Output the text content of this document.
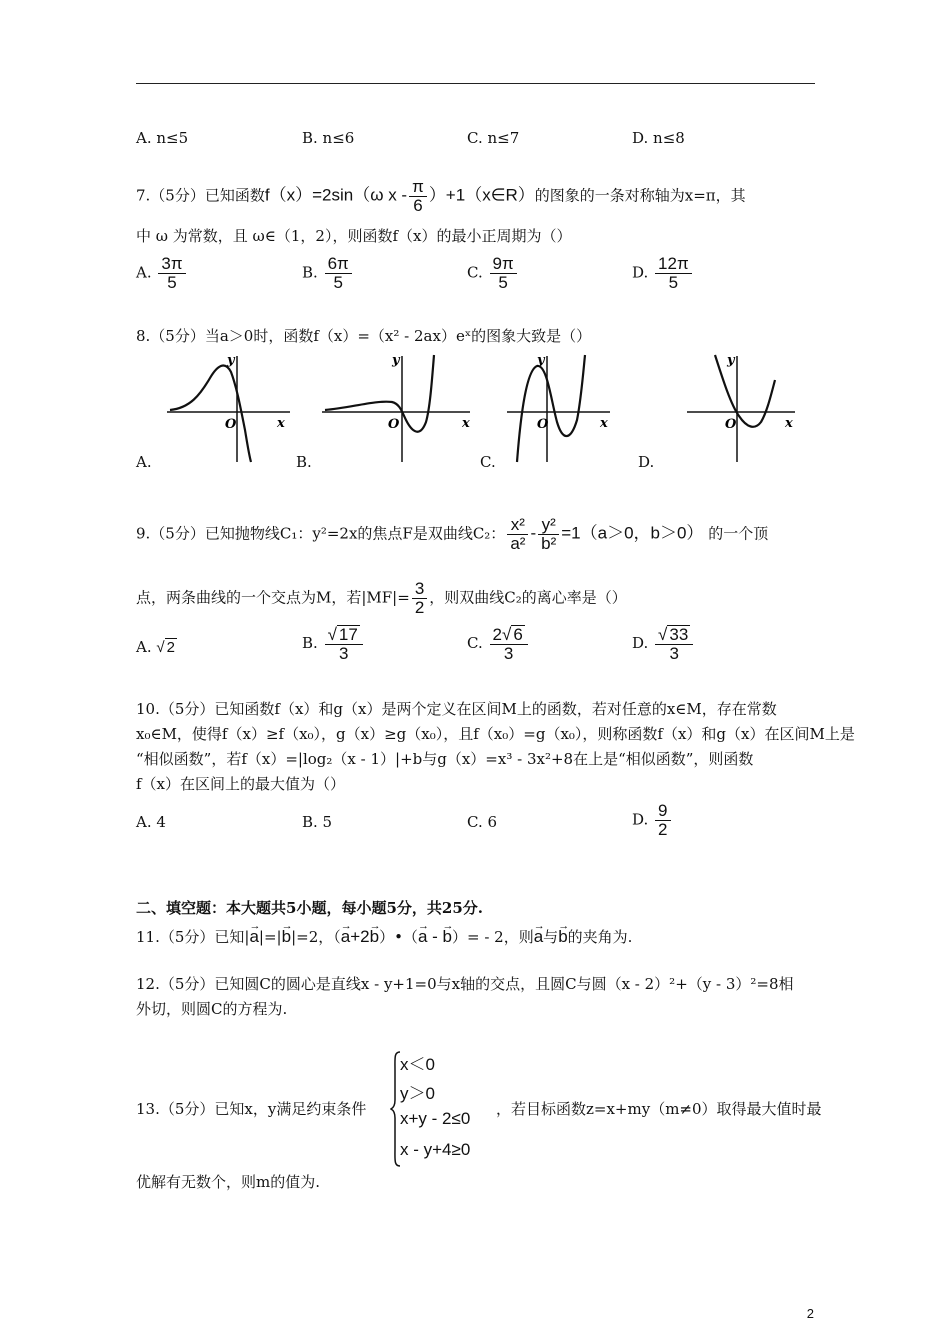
A. n≤5	B. n≤6	C. n≤7	D. n≤8
7.（5分）已知函数f（x）=2sin（ω x - $\frac{\pi}{6}$ ）+1（x∈R）的图象的一条对称轴为x=π，其
中 ω 为常数，且 ω∈（1，2），则函数f（x）的最小正周期为（）
A. $\frac{3\pi}{5}$	B. $\frac{6\pi}{5}$	C. $\frac{9\pi}{5}$	D. $\frac{12\pi}{5}$
8.（5分）当a＞0时，函数f（x）=（x² - 2ax）eˣ的图象大致是（）
y
x
O
y
x
O
y
x
O
y
x
O
A.	B.	C.	D.
9.（5分）已知抛物线C₁：y²=2x的焦点F是双曲线C₂： $\frac{\text{x²}}{\text{a²}} - \frac{\text{y²}}{\text{b²}} =1(a>0$，b＞0） 的一个顶
点，两条曲线的一个交点为M，若$|MF|= \frac{3}{2}$ ，则双曲线C₂的离心率是（）
A. √ 2	B. $\frac{√ 17}{3}$	C. $\frac{2√ 6}{3}$	D. $\frac{√ 33}{3}$
10.（5分）已知函数f（x）和g（x）是两个定义在区间M上的函数，若对任意的x∈M，存在常数
x₀∈M，使得f（x）≥f（x₀），g（x）≥g（x₀），且f（x₀）=g（x₀），则称函数f（x）和g（x）在区间M上是
“相似函数”，若f（x）=|log₂（x - 1）|+b与g（x）=x³ - 3x²+8在上是“相似函数”，则函数
f（x）在区间上的最大值为（）
A. 4	B. 5	C. 6	D. $\frac{9}{2}$
二、填空题：本大题共5小题，每小题5分，共25分.
11.（5分）已知|→ a|=|→ b|=2，（→ a+2→ b）•（→ a - → b）= - 2，则→ a与→ b的夹角为.
12.（5分）已知圆C的圆心是直线x - y+1=0与x轴的交点，且圆C与圆（x - 2）²+（y - 3）²=8相
外切，则圆C的方程为.
13.（5分）已知x，y满足约束条件
x＜0
y＞0
x+y - 2≤0
x - y+4≥0
，若目标函数z=x+my（m≠0）取得最大值时最
优解有无数个，则m的值为.
2
